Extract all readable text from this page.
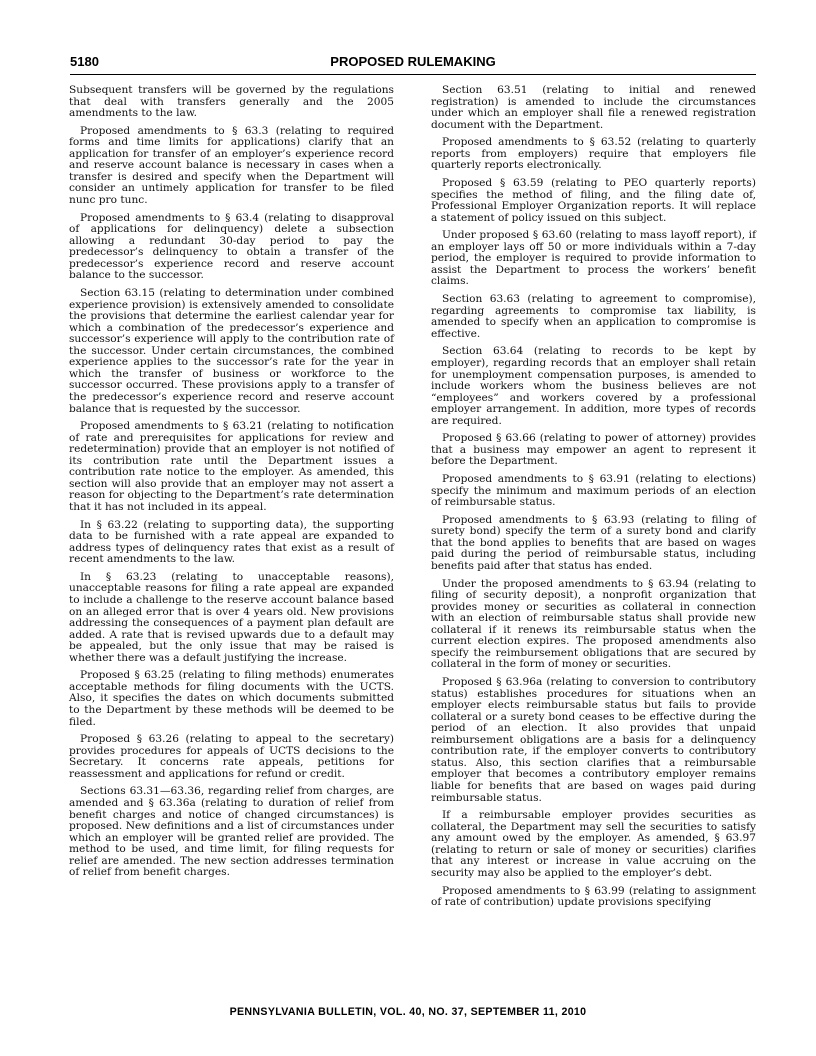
5180	PROPOSED RULEMAKING

Subsequent transfers will be governed by the regulations that deal with transfers generally and the 2005 amendments to the law.

Proposed amendments to § 63.3 (relating to required forms and time limits for applications) clarify that an application for transfer of an employer’s experience record and reserve account balance is necessary in cases when a transfer is desired and specify when the Department will consider an untimely application for transfer to be filed nunc pro tunc.

Proposed amendments to § 63.4 (relating to disapproval of applications for delinquency) delete a subsection allowing a redundant 30-day period to pay the predecessor’s delinquency to obtain a transfer of the predecessor’s experience record and reserve account balance to the successor.

Section 63.15 (relating to determination under combined experience provision) is extensively amended to consolidate the provisions that determine the earliest calendar year for which a combination of the predecessor’s experience and successor’s experience will apply to the contribution rate of the successor. Under certain circumstances, the combined experience applies to the successor’s rate for the year in which the transfer of business or workforce to the successor occurred. These provisions apply to a transfer of the predecessor’s experience record and reserve account balance that is requested by the successor.

Proposed amendments to § 63.21 (relating to notification of rate and prerequisites for applications for review and redetermination) provide that an employer is not notified of its contribution rate until the Department issues a contribution rate notice to the employer. As amended, this section will also provide that an employer may not assert a reason for objecting to the Department’s rate determination that it has not included in its appeal.

In § 63.22 (relating to supporting data), the supporting data to be furnished with a rate appeal are expanded to address types of delinquency rates that exist as a result of recent amendments to the law.

In § 63.23 (relating to unacceptable reasons), unacceptable reasons for filing a rate appeal are expanded to include a challenge to the reserve account balance based on an alleged error that is over 4 years old. New provisions addressing the consequences of a payment plan default are added. A rate that is revised upwards due to a default may be appealed, but the only issue that may be raised is whether there was a default justifying the increase.

Proposed § 63.25 (relating to filing methods) enumerates acceptable methods for filing documents with the UCTS. Also, it specifies the dates on which documents submitted to the Department by these methods will be deemed to be filed.

Proposed § 63.26 (relating to appeal to the secretary) provides procedures for appeals of UCTS decisions to the Secretary. It concerns rate appeals, petitions for reassessment and applications for refund or credit.

Sections 63.31—63.36, regarding relief from charges, are amended and § 63.36a (relating to duration of relief from benefit charges and notice of changed circumstances) is proposed. New definitions and a list of circumstances under which an employer will be granted relief are provided. The method to be used, and time limit, for filing requests for relief are amended. The new section addresses termination of relief from benefit charges.

Section 63.51 (relating to initial and renewed registration) is amended to include the circumstances under which an employer shall file a renewed registration document with the Department.

Proposed amendments to § 63.52 (relating to quarterly reports from employers) require that employers file quarterly reports electronically.

Proposed § 63.59 (relating to PEO quarterly reports) specifies the method of filing, and the filing date of, Professional Employer Organization reports. It will replace a statement of policy issued on this subject.

Under proposed § 63.60 (relating to mass layoff report), if an employer lays off 50 or more individuals within a 7-day period, the employer is required to provide information to assist the Department to process the workers’ benefit claims.

Section 63.63 (relating to agreement to compromise), regarding agreements to compromise tax liability, is amended to specify when an application to compromise is effective.

Section 63.64 (relating to records to be kept by employer), regarding records that an employer shall retain for unemployment compensation purposes, is amended to include workers whom the business believes are not “employees” and workers covered by a professional employer arrangement. In addition, more types of records are required.

Proposed § 63.66 (relating to power of attorney) provides that a business may empower an agent to represent it before the Department.

Proposed amendments to § 63.91 (relating to elections) specify the minimum and maximum periods of an election of reimbursable status.

Proposed amendments to § 63.93 (relating to filing of surety bond) specify the term of a surety bond and clarify that the bond applies to benefits that are based on wages paid during the period of reimbursable status, including benefits paid after that status has ended.

Under the proposed amendments to § 63.94 (relating to filing of security deposit), a nonprofit organization that provides money or securities as collateral in connection with an election of reimbursable status shall provide new collateral if it renews its reimbursable status when the current election expires. The proposed amendments also specify the reimbursement obligations that are secured by collateral in the form of money or securities.

Proposed § 63.96a (relating to conversion to contributory status) establishes procedures for situations when an employer elects reimbursable status but fails to provide collateral or a surety bond ceases to be effective during the period of an election. It also provides that unpaid reimbursement obligations are a basis for a delinquency contribution rate, if the employer converts to contributory status. Also, this section clarifies that a reimbursable employer that becomes a contributory employer remains liable for benefits that are based on wages paid during reimbursable status.

If a reimbursable employer provides securities as collateral, the Department may sell the securities to satisfy any amount owed by the employer. As amended, § 63.97 (relating to return or sale of money or securities) clarifies that any interest or increase in value accruing on the security may also be applied to the employer’s debt.

Proposed amendments to § 63.99 (relating to assignment of rate of contribution) update provisions specifying

PENNSYLVANIA BULLETIN, VOL. 40, NO. 37, SEPTEMBER 11, 2010
